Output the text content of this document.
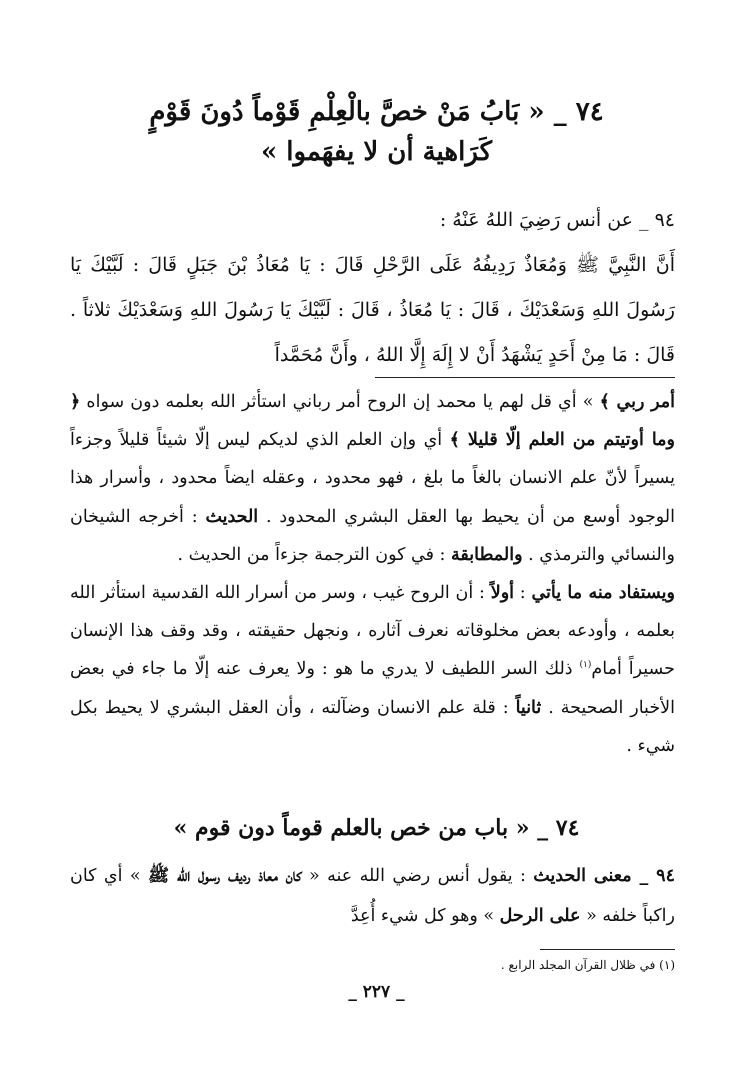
٧٤ _ « بَابُ مَنْ خصَّ بالْعِلْمِ قَوْماً دُونَ قَوْمٍ
كَرَاهية أن لا يفهَموا »

٩٤ _ عن أنس رَضِيَ اللهُ عَنْهُ :

أَنَّ النَّبِيَّ ﷺ وَمُعَاذٌ رَدِيفُهُ عَلَى الرَّحْلِ قَالَ : يَا مُعَاذُ بْنَ جَبَلٍ قَالَ : لَبَّيْكَ يَا رَسُولَ اللهِ وَسَعْدَيْكَ ، قَالَ : يَا مُعَاذُ ، قَالَ : لَبَّيْكَ يَا رَسُولَ اللهِ وَسَعْدَيْكَ ثلاثاً . قَالَ : مَا مِنْ أَحَدٍ يَشْهَدُ أَنْ لا إِلَهَ إِلَّا اللهُ ، وأَنَّ مُحَمَّداً

أمر ربي ﴾ » أي قل لهم يا محمد إن الروح أمر رباني استأثر الله بعلمه دون سواه ﴿ وما أوتيتم من العلم إلّا قليلا ﴾ أي وإن العلم الذي لديكم ليس إلّا شيئاً قليلاً وجزءاً يسيراً لأنّ علم الانسان بالغاً ما بلغ ، فهو محدود ، وعقله ايضاً محدود ، وأسرار هذا الوجود أوسع من أن يحيط بها العقل البشري المحدود . الحديث : أخرجه الشيخان والنسائي والترمذي . والمطابقة : في كون الترجمة جزءاً من الحديث .

ويستفاد منه ما يأتي : أولاً : أن الروح غيب ، وسر من أسرار الله القدسية استأثر الله بعلمه ، وأودعه بعض مخلوقاته نعرف آثاره ، ونجهل حقيقته ، وقد وقف هذا الإنسان حسيراً أمام$^{(١)}$ ذلك السر اللطيف لا يدري ما هو : ولا يعرف عنه إلّا ما جاء في بعض الأخبار الصحيحة . ثانياً : قلة علم الانسان وضآلته ، وأن العقل البشري لا يحيط بكل شيء .

٧٤ _ « باب من خص بالعلم قوماً دون قوم »

٩٤ _ معنى الحديث : يقول أنس رضي الله عنه « كان معاذ رديف رسول الله ﷺ » أي كان راكباً خلفه « على الرحل » وهو كل شيء أُعِدَّ

(١) في ظلال القرآن المجلد الرابع .
_ ٢٢٧ _
